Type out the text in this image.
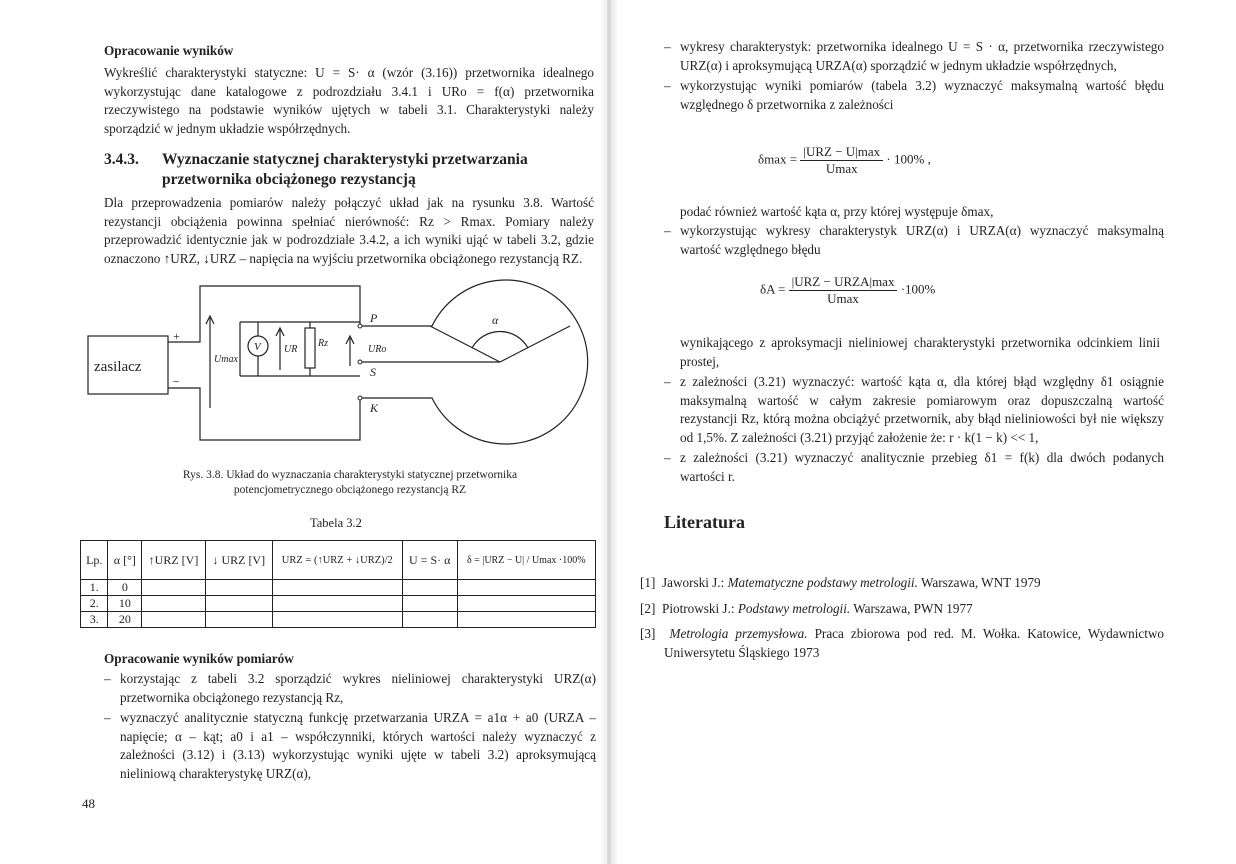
Opracowanie wyników
Wykreślić charakterystyki statyczne: U = S· α (wzór (3.16)) przetwornika idealnego wykorzystując dane katalogowe z podrozdziału 3.4.1 i URo = f(α) przetwornika rzeczywistego na podstawie wyników ujętych w tabeli 3.1. Charakterystyki należy sporządzić w jednym układzie współrzędnych.
3.4.3. Wyznaczanie statycznej charakterystyki przetwarzania przetwornika obciążonego rezystancją
Dla przeprowadzenia pomiarów należy połączyć układ jak na rysunku 3.8. Wartość rezystancji obciążenia powinna spełniać nierówność: Rz > Rmax. Pomiary należy przeprowadzić identycznie jak w podrozdziale 3.4.2, a ich wyniki ująć w tabeli 3.2, gdzie oznaczono ↑URZ, ↓URZ – napięcia na wyjściu przetwornika obciążonego rezystancją RZ.
zasilacz
+
–
Umax
V UR
Rz
URo
P
S
K
α
Rys. 3.8. Układ do wyznaczania charakterystyki statycznej przetwornika
potencjometrycznego obciążonego rezystancją RZ
Tabela 3.2
Lp.	α [°]	↑URZ [V]	↓ URZ [V]	URZ = (↑URZ + ↓URZ)/2	U = S· α	δ = |URZ − U| / Umax ·100%
1.	0					
2.	10					
3.	20					
Opracowanie wyników pomiarów
– korzystając z tabeli 3.2 sporządzić wykres nieliniowej charakterystyki URZ(α) przetwornika obciążonego rezystancją Rz,
– wyznaczyć analitycznie statyczną funkcję przetwarzania URZA = a1α + a0 (URZA – napięcie; α – kąt; a0 i a1 – współczynniki, których wartości należy wyznaczyć z zależności (3.12) i (3.13) wykorzystując wyniki ujęte w tabeli 3.2) aproksymującą nieliniową charakterystykę URZ(α),
48
– wykresy charakterystyk: przetwornika idealnego U = S · α, przetwornika rzeczywistego URZ(α) i aproksymującą URZA(α) sporządzić w jednym układzie współrzędnych,
– wykorzystując wyniki pomiarów (tabela 3.2) wyznaczyć maksymalną wartość błędu względnego δ przetwornika z zależności
$\delta\max = \frac{\text{|URZ − U|max}}{Umax} \cdot 100\%$ ,
podać również wartość kąta α, przy której występuje δmax,
– wykorzystując wykresy charakterystyk URZ(α) i URZA(α) wyznaczyć maksymalną wartość względnego błędu
$\delta A = \frac{\text{|URZ − URZA|max}}{Umax} \cdot 100\%$
wynikającego z aproksymacji nieliniowej charakterystyki przetwornika odcinkiem linii prostej,
– z zależności (3.21) wyznaczyć: wartość kąta α, dla której błąd względny δ1 osiągnie maksymalną wartość w całym zakresie pomiarowym oraz dopuszczalną wartość rezystancji Rz, którą można obciążyć przetwornik, aby błąd nieliniowości był nie większy od 1,5%. Z zależności (3.21) przyjąć założenie że: r · k(1 − k) << 1,
– z zależności (3.21) wyznaczyć analitycznie przebieg δ1 = f(k) dla dwóch podanych wartości r.
Literatura
[1] Jaworski J.: Matematyczne podstawy metrologii. Warszawa, WNT 1979
[2] Piotrowski J.: Podstawy metrologii. Warszawa, PWN 1977
[3] Metrologia przemysłowa. Praca zbiorowa pod red. M. Wołka. Katowice, Wydawnictwo Uniwersytetu Śląskiego 1973
